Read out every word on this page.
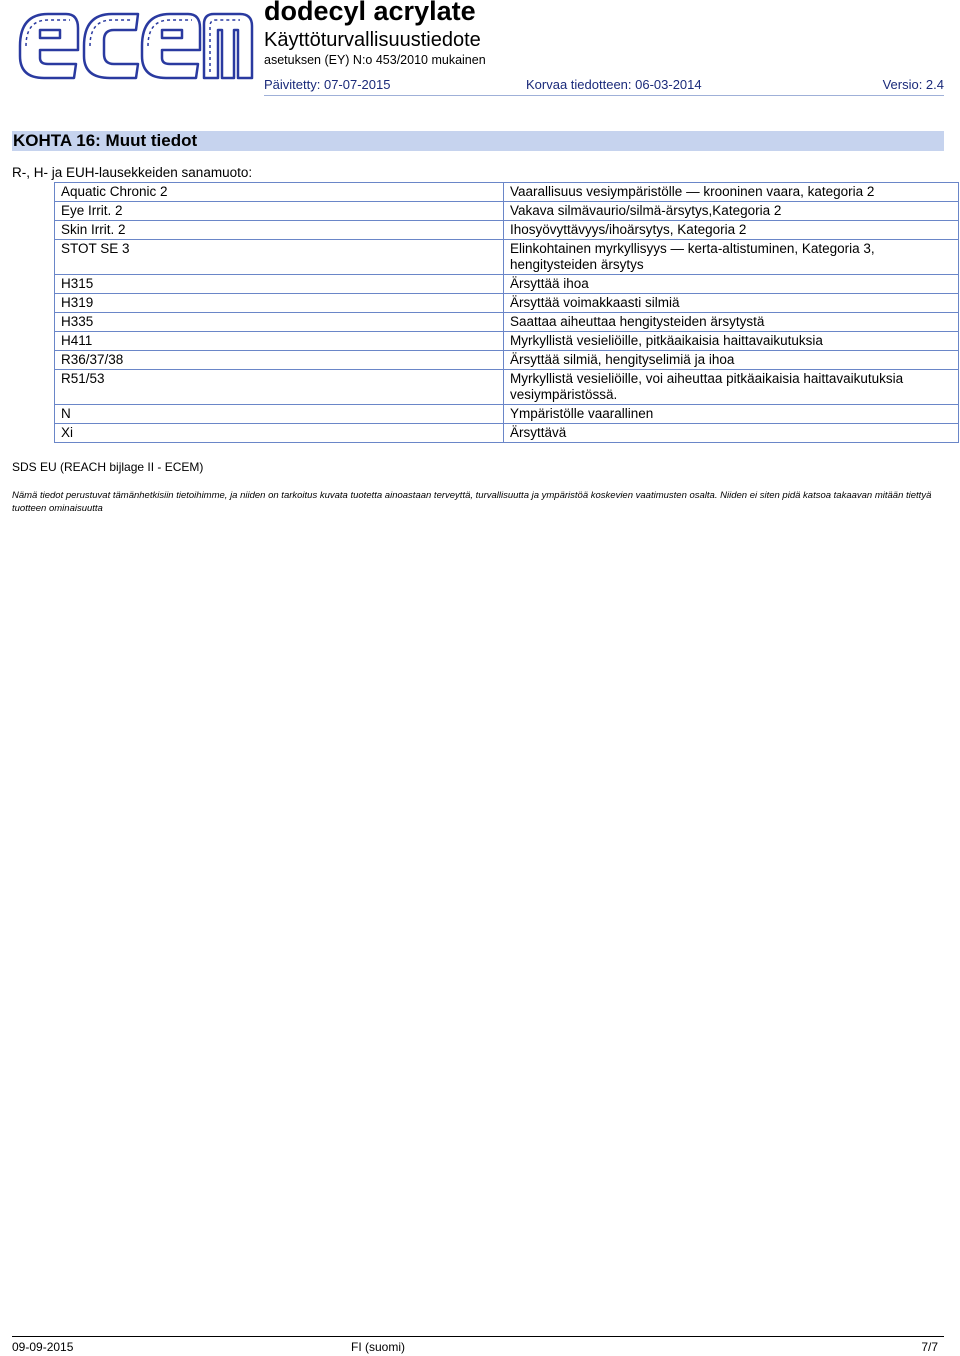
dodecyl acrylate
Käyttöturvallisuustiedote
asetuksen (EY) N:o 453/2010 mukainen
Päivitetty: 07-07-2015	Korvaa tiedotteen: 06-03-2014	Versio: 2.4
KOHTA 16: Muut tiedot
R-, H- ja EUH-lausekkeiden sanamuoto:
Aquatic Chronic 2	Vaarallisuus vesiympäristölle — krooninen vaara, kategoria 2
Eye Irrit. 2	Vakava silmävaurio/silmä-ärsytys,Kategoria 2
Skin Irrit. 2	Ihosyövyttävyys/ihoärsytys, Kategoria 2
STOT SE 3	Elinkohtainen myrkyllisyys — kerta-altistuminen, Kategoria 3, hengitysteiden ärsytys
H315	Ärsyttää ihoa
H319	Ärsyttää voimakkaasti silmiä
H335	Saattaa aiheuttaa hengitysteiden ärsytystä
H411	Myrkyllistä vesieliöille, pitkäaikaisia haittavaikutuksia
R36/37/38	Ärsyttää silmiä, hengityselimiä ja ihoa
R51/53	Myrkyllistä vesieliöille, voi aiheuttaa pitkäaikaisia haittavaikutuksia vesiympäristössä.
N	Ympäristölle vaarallinen
Xi	Ärsyttävä
SDS EU (REACH bijlage II - ECEM)
Nämä tiedot perustuvat tämänhetkisiin tietoihimme, ja niiden on tarkoitus kuvata tuotetta ainoastaan terveyttä, turvallisuutta ja ympäristöä koskevien vaatimusten osalta. Niiden ei siten pidä katsoa takaavan mitään tiettyä tuotteen ominaisuutta
09-09-2015	FI (suomi)	7/7
